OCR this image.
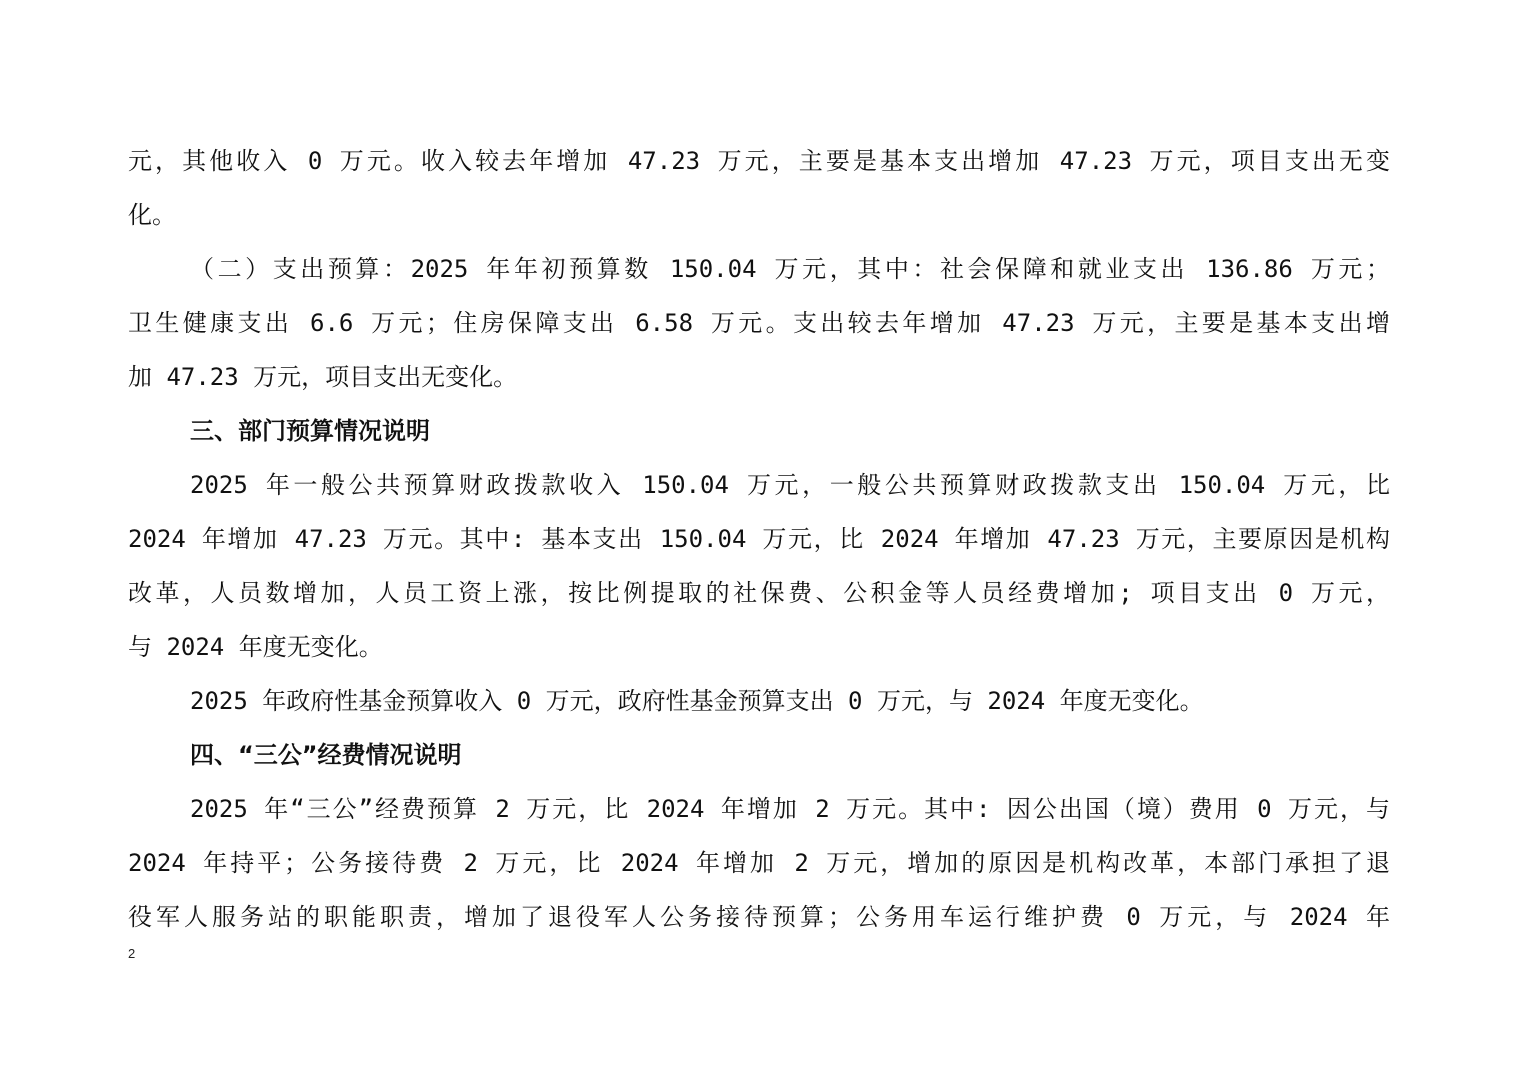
元，其他收入 0 万元。收入较去年增加 47.23 万元，主要是基本支出增加 47.23 万元，项目支出无变
化。
（二）支出预算：2025 年年初预算数 150.04 万元，其中：社会保障和就业支出 136.86 万元；
卫生健康支出 6.6 万元；住房保障支出 6.58 万元。支出较去年增加 47.23 万元，主要是基本支出增
加 47.23 万元，项目支出无变化。
三、部门预算情况说明
2025 年一般公共预算财政拨款收入 150.04 万元，一般公共预算财政拨款支出 150.04 万元，比
2024 年增加 47.23 万元。其中: 基本支出 150.04 万元，比 2024 年增加 47.23 万元，主要原因是机构
改革，人员数增加，人员工资上涨，按比例提取的社保费、公积金等人员经费增加; 项目支出 0 万元，
与 2024 年度无变化。
2025 年政府性基金预算收入 0 万元，政府性基金预算支出 0 万元，与 2024 年度无变化。
四、“三公”经费情况说明
2025 年“三公”经费预算 2 万元，比 2024 年增加 2 万元。其中: 因公出国（境）费用 0 万元，与
2024 年持平；公务接待费 2 万元，比 2024 年增加 2 万元，增加的原因是机构改革，本部门承担了退
役军人服务站的职能职责，增加了退役军人公务接待预算；公务用车运行维护费 0 万元，与 2024 年
2
